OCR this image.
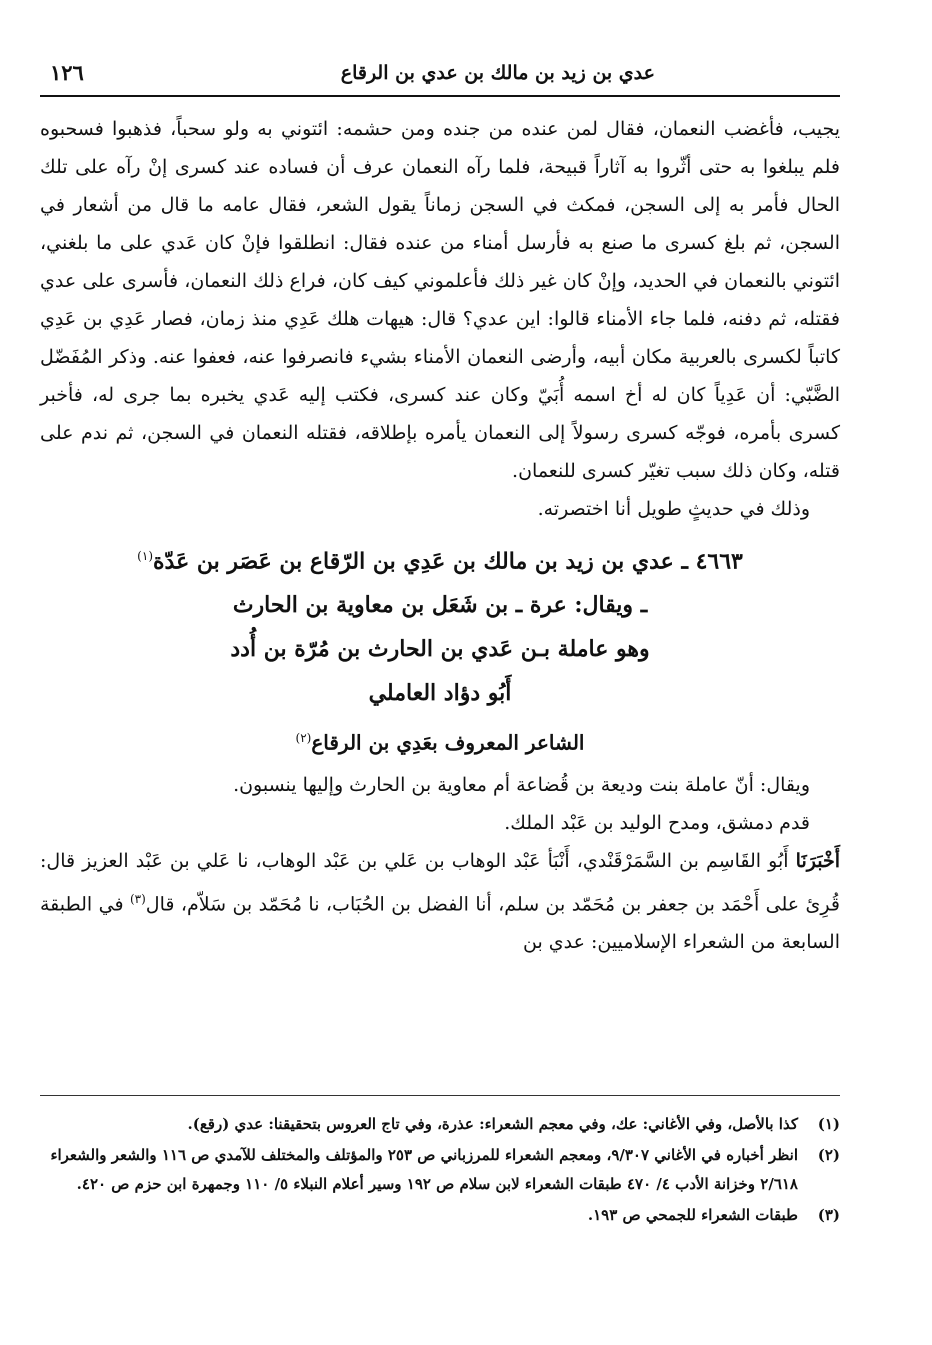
عدي بن زيد بن مالك بن عدي بن الرقاع
١٢٦

يجيب، فأغضب النعمان، فقال لمن عنده من جنده ومن حشمه: ائتوني به ولو سحباً، فذهبوا فسحبوه فلم يبلغوا به حتى أثّروا به آثاراً قبيحة، فلما رآه النعمان عرف أن فساده عند كسرى إنْ رآه على تلك الحال فأمر به إلى السجن، فمكث في السجن زماناً يقول الشعر، فقال عامه ما قال من أشعار في السجن، ثم بلغ كسرى ما صنع به فأرسل أمناء من عنده فقال: انطلقوا فإنْ كان عَدي على ما بلغني، ائتوني بالنعمان في الحديد، وإنْ كان غير ذلك فأعلموني كيف كان، فراع ذلك النعمان، فأسرى على عدي فقتله، ثم دفنه، فلما جاء الأمناء قالوا: اين عدي؟ قال: هيهات هلك عَدِي منذ زمان، فصار عَدِي بن عَدِي كاتباً لكسرى بالعربية مكان أبيه، وأرضى النعمان الأمناء بشيء فانصرفوا عنه، فعفوا عنه. وذكر المُفَضّل الضَّبّي: أن عَدِياً كان له أخ اسمه أُبَيّ وكان عند كسرى، فكتب إليه عَدي يخبره بما جرى له، فأخبر كسرى بأمره، فوجّه كسرى رسولاً إلى النعمان يأمره بإطلاقه، فقتله النعمان في السجن، ثم ندم على قتله، وكان ذلك سبب تغيّر كسرى للنعمان.

وذلك في حديثٍ طويل أنا اختصرته.

٤٦٦٣ ـ عدي بن زيد بن مالك بن عَدِي بن الرّقاع بن عَصَر بن عَدّة$^{(١)}$
ـ ويقال: عرة ـ بن شَعَل بن معاوية بن الحارث
وهو عاملة بـن عَدي بن الحارث بن مُرّة بن أُدد
أَبُو دؤاد العاملي
الشاعر المعروف بعَدِي بن الرقاع$^{(٢)}$

ويقال: أنّ عاملة بنت وديعة بن قُضاعة أم معاوية بن الحارث وإليها ينسبون.

قدم دمشق، ومدح الوليد بن عَبْد الملك.

أَخْبَرَنَا أَبُو القَاسِم بن السَّمَرْقَنْدي، أَنْبَأ عَبْد الوهاب بن عَلي بن عَبْد الوهاب، نا عَلي بن عَبْد العزيز قال: قُرِئ على أَحْمَد بن جعفر بن مُحَمّد بن سلم، أنا الفضل بن الحُبَاب، نا مُحَمّد بن سَلاّم، قال$^{(٣)}$ في الطبقة السابعة من الشعراء الإسلاميين: عدي بن

(١)
كذا بالأصل، وفي الأغاني: عك، وفي معجم الشعراء: عذرة، وفي تاج العروس بتحقيقنا: عدي (رقع).
(٢)
انظر أخباره في الأغاني ٩/٣٠٧، ومعجم الشعراء للمرزباني ص ٢٥٣ والمؤتلف والمختلف للآمدي ص ١١٦ والشعر والشعراء ٢/٦١٨ وخزانة الأدب ٤/ ٤٧٠ طبقات الشعراء لابن سلام ص ١٩٢ وسير أعلام النبلاء ٥/ ١١٠ وجمهرة ابن حزم ص ٤٢٠.
(٣)
طبقات الشعراء للجمحي ص ١٩٣.
